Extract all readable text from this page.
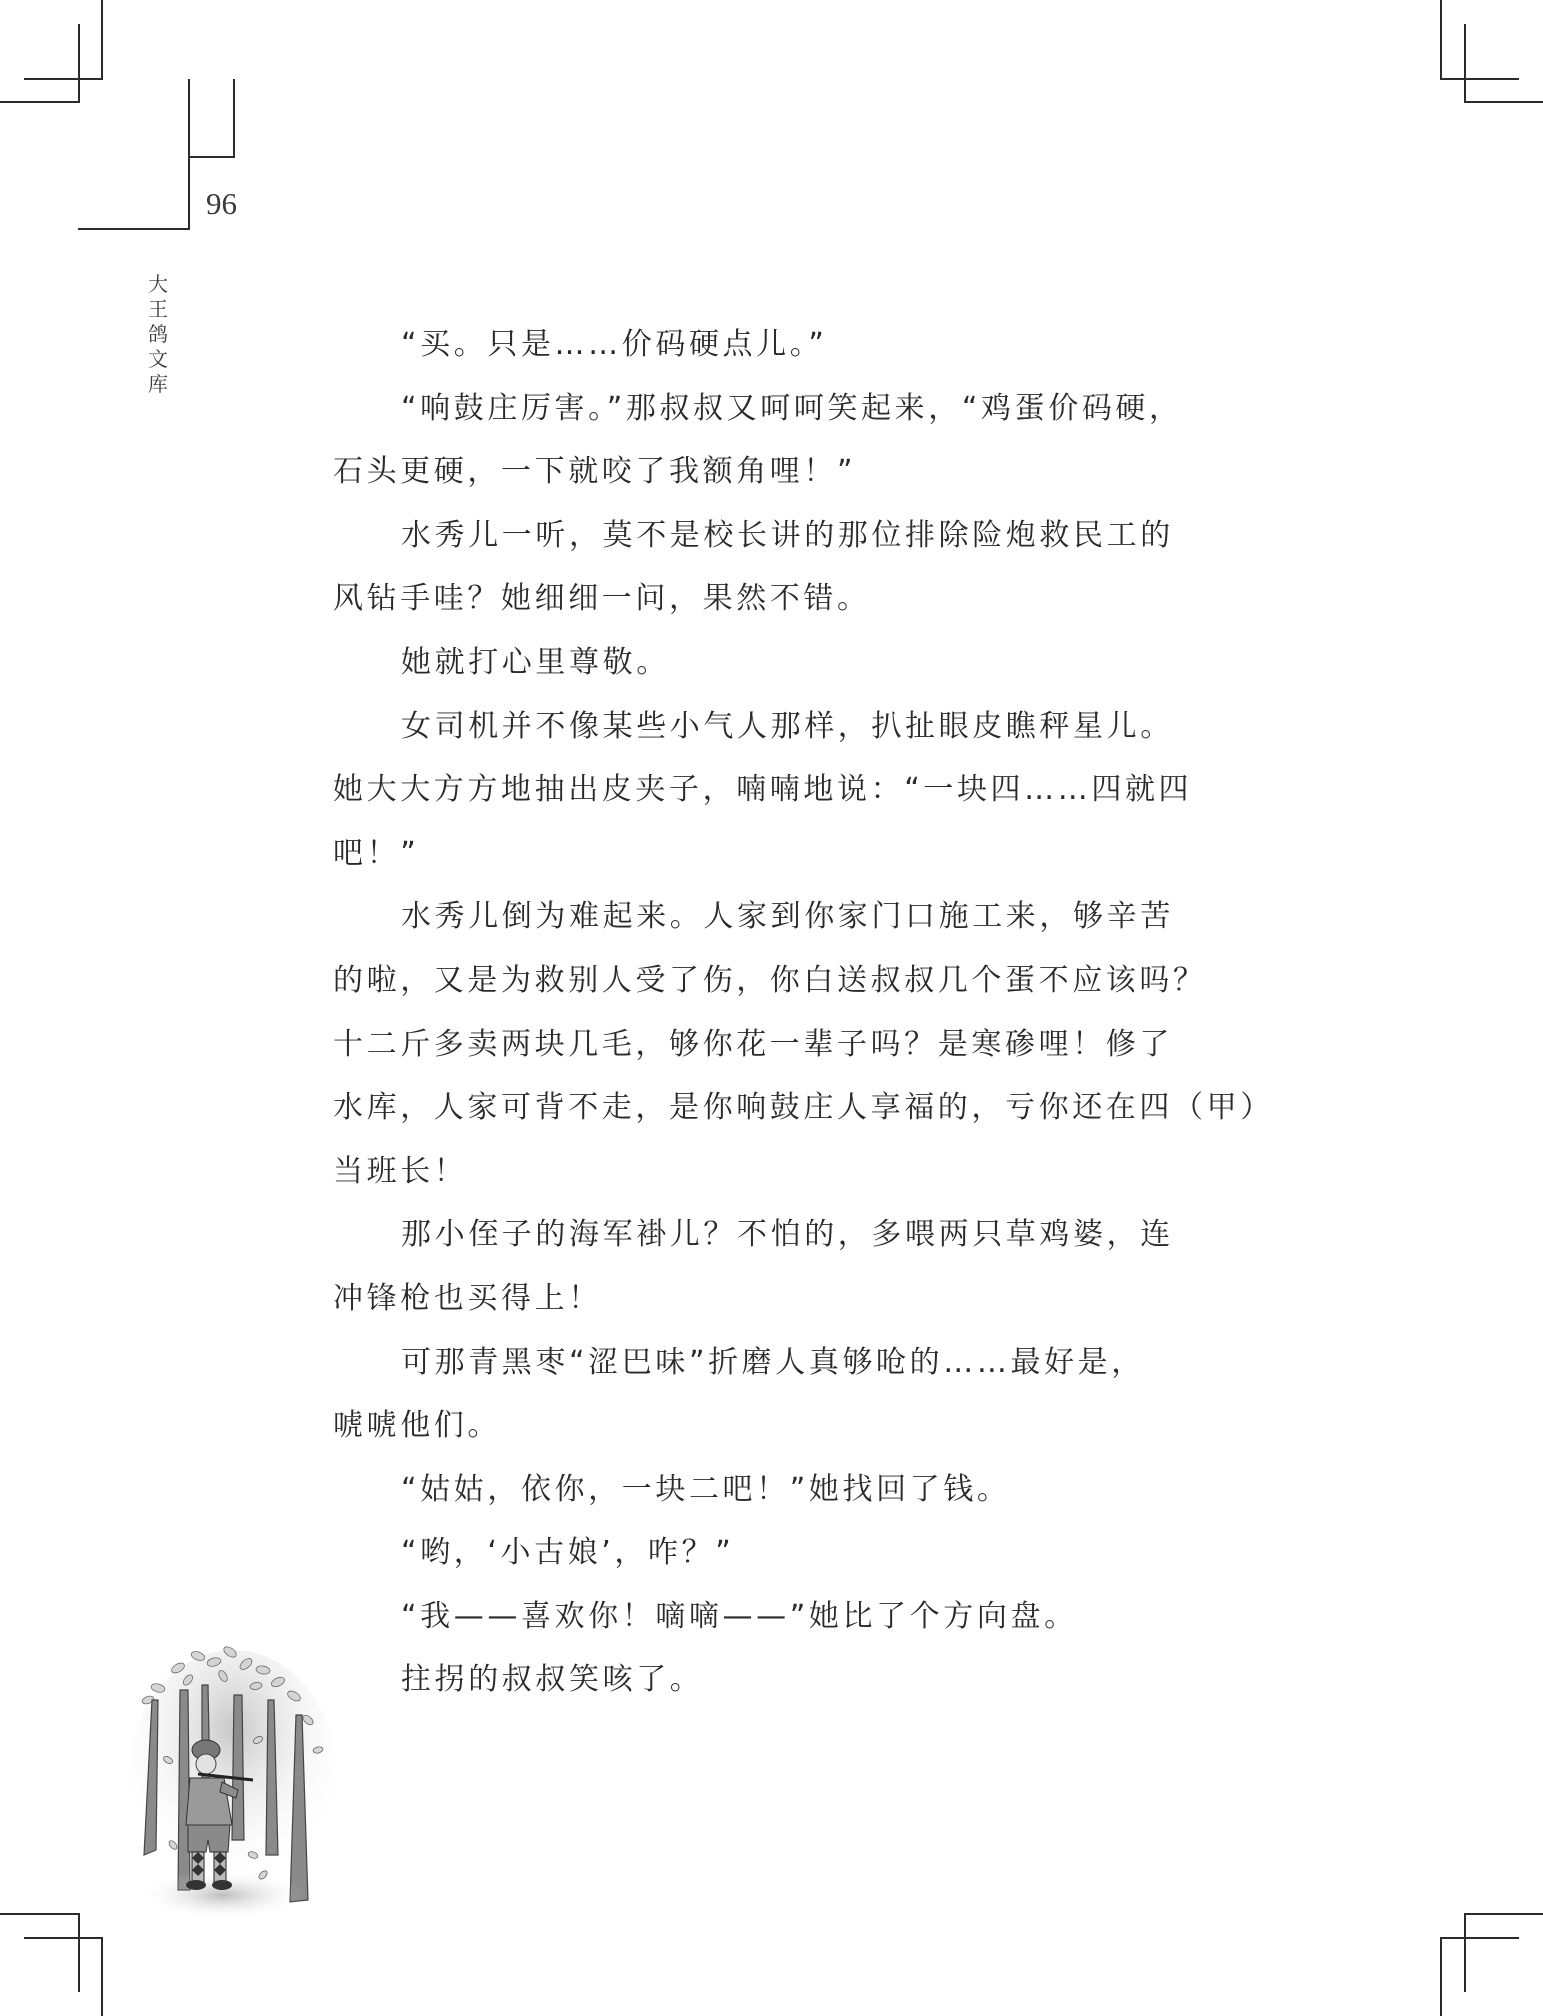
96
大王鸽文库
“买。只是……价码硬点儿。”
“响鼓庄厉害。”那叔叔又呵呵笑起来，“鸡蛋价码硬，
石头更硬，一下就咬了我额角哩！”
水秀儿一听，莫不是校长讲的那位排除险炮救民工的
风钻手哇？她细细一问，果然不错。
她就打心里尊敬。
女司机并不像某些小气人那样，扒扯眼皮瞧秤星儿。
她大大方方地抽出皮夹子，喃喃地说：“一块四……四就四
吧！”
水秀儿倒为难起来。人家到你家门口施工来，够辛苦
的啦，又是为救别人受了伤，你白送叔叔几个蛋不应该吗？
十二斤多卖两块几毛，够你花一辈子吗？是寒碜哩！修了
水库，人家可背不走，是你响鼓庄人享福的，亏你还在四（甲）
当班长！
那小侄子的海军褂儿？不怕的，多喂两只草鸡婆，连
冲锋枪也买得上！
可那青黑枣“涩巴味”折磨人真够呛的……最好是，
唬唬他们。
“姑姑，依你，一块二吧！”她找回了钱。
“哟，‘小古娘’，咋？”
“我——喜欢你！嘀嘀——”她比了个方向盘。
拄拐的叔叔笑咳了。
